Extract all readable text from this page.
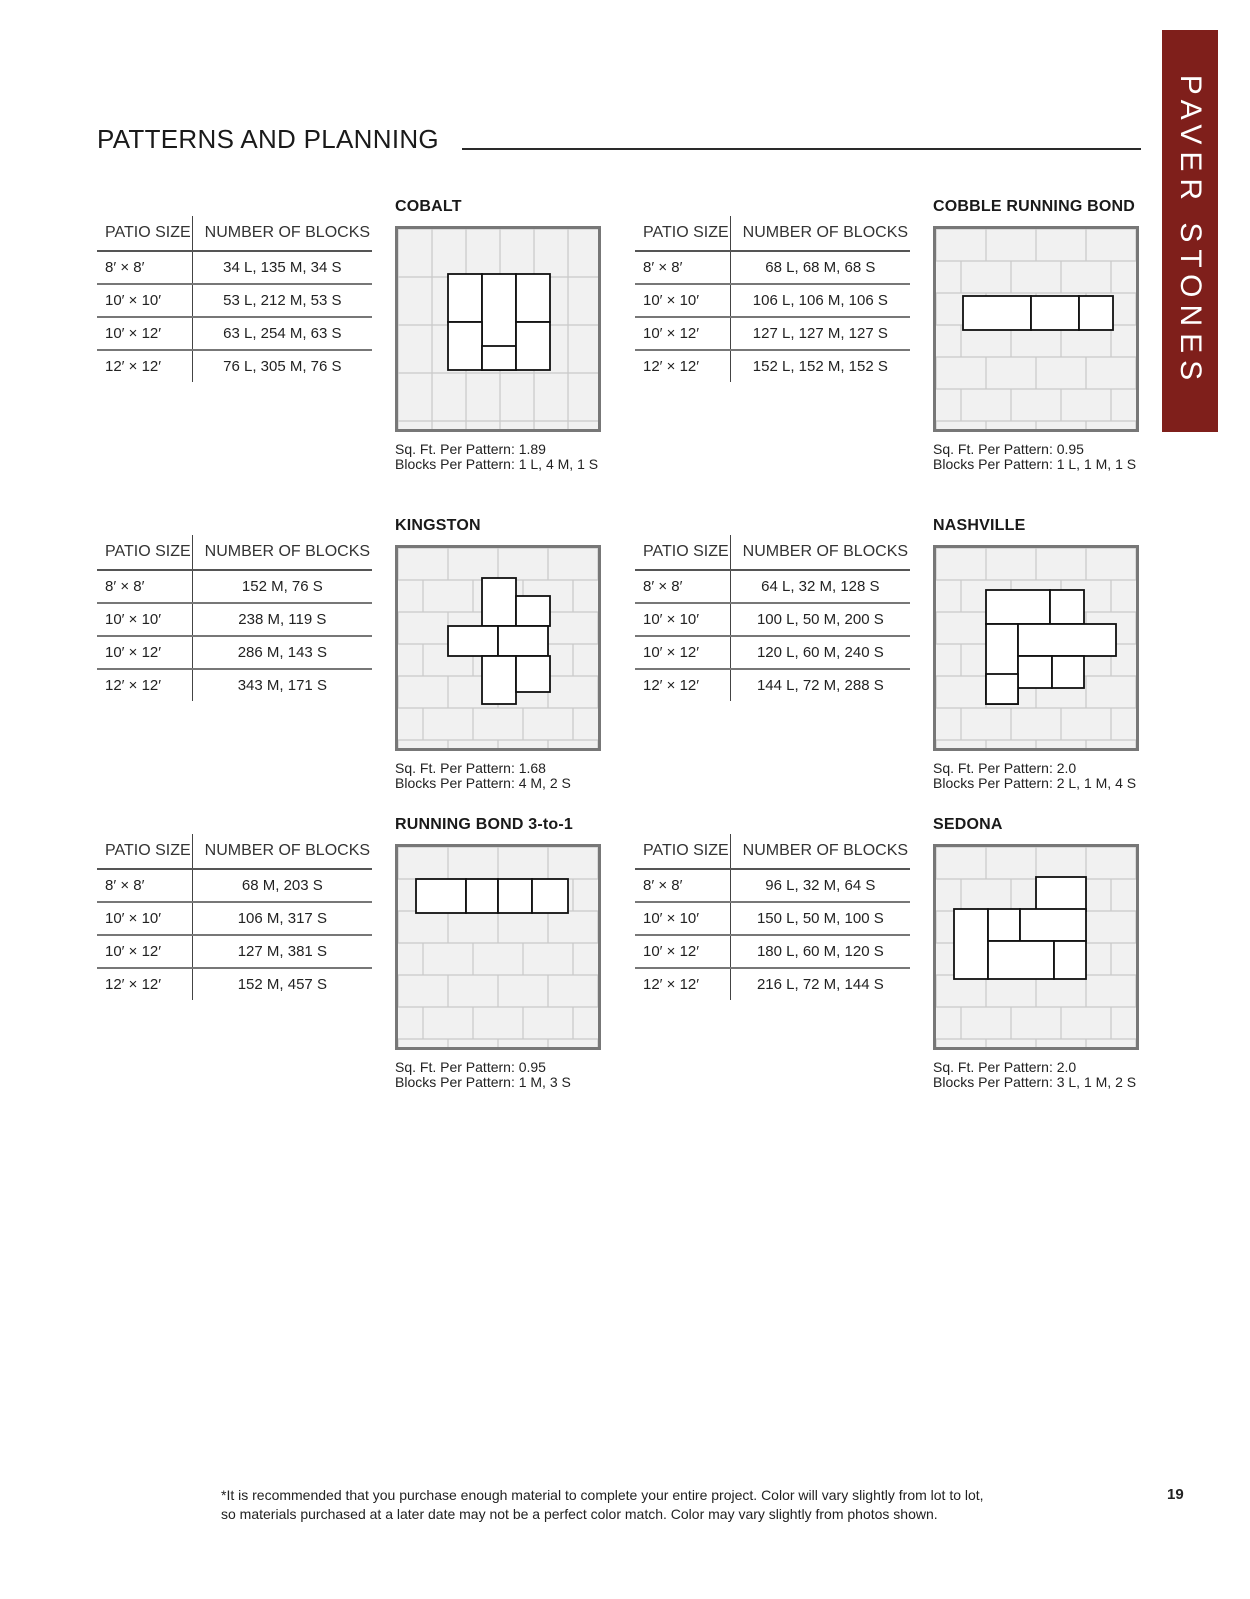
PATTERNS AND PLANNING	PAVER STONES
PATIO SIZE	NUMBER OF BLOCKS
8′ × 8′	34 L, 135 M, 34 S
10′ × 10′	53 L, 212 M, 53 S
10′ × 12′	63 L, 254 M, 63 S
12′ × 12′	76 L, 305 M, 76 S
COBALT
Sq. Ft. Per Pattern: 1.89
Blocks Per Pattern: 1 L, 4 M, 1 S
PATIO SIZE	NUMBER OF BLOCKS
8′ × 8′	68 L, 68 M, 68 S
10′ × 10′	106 L, 106 M, 106 S
10′ × 12′	127 L, 127 M, 127 S
12′ × 12′	152 L, 152 M, 152 S
COBBLE RUNNING BOND
Sq. Ft. Per Pattern: 0.95
Blocks Per Pattern: 1 L, 1 M, 1 S
PATIO SIZE	NUMBER OF BLOCKS
8′ × 8′	152 M, 76 S
10′ × 10′	238 M, 119 S
10′ × 12′	286 M, 143 S
12′ × 12′	343 M, 171 S
KINGSTON
Sq. Ft. Per Pattern: 1.68
Blocks Per Pattern: 4 M, 2 S
PATIO SIZE	NUMBER OF BLOCKS
8′ × 8′	64 L, 32 M, 128 S
10′ × 10′	100 L, 50 M, 200 S
10′ × 12′	120 L, 60 M, 240 S
12′ × 12′	144 L, 72 M, 288 S
NASHVILLE
Sq. Ft. Per Pattern: 2.0
Blocks Per Pattern: 2 L, 1 M, 4 S
PATIO SIZE	NUMBER OF BLOCKS
8′ × 8′	68 M, 203 S
10′ × 10′	106 M, 317 S
10′ × 12′	127 M, 381 S
12′ × 12′	152 M, 457 S
RUNNING BOND 3-to-1
Sq. Ft. Per Pattern: 0.95
Blocks Per Pattern: 1 M, 3 S
PATIO SIZE	NUMBER OF BLOCKS
8′ × 8′	96 L, 32 M, 64 S
10′ × 10′	150 L, 50 M, 100 S
10′ × 12′	180 L, 60 M, 120 S
12′ × 12′	216 L, 72 M, 144 S
SEDONA
Sq. Ft. Per Pattern: 2.0
Blocks Per Pattern: 3 L, 1 M, 2 S
*It is recommended that you purchase enough material to complete your entire project. Color will vary slightly from lot to lot,
so materials purchased at a later date may not be a perfect color match. Color may vary slightly from photos shown.
19
